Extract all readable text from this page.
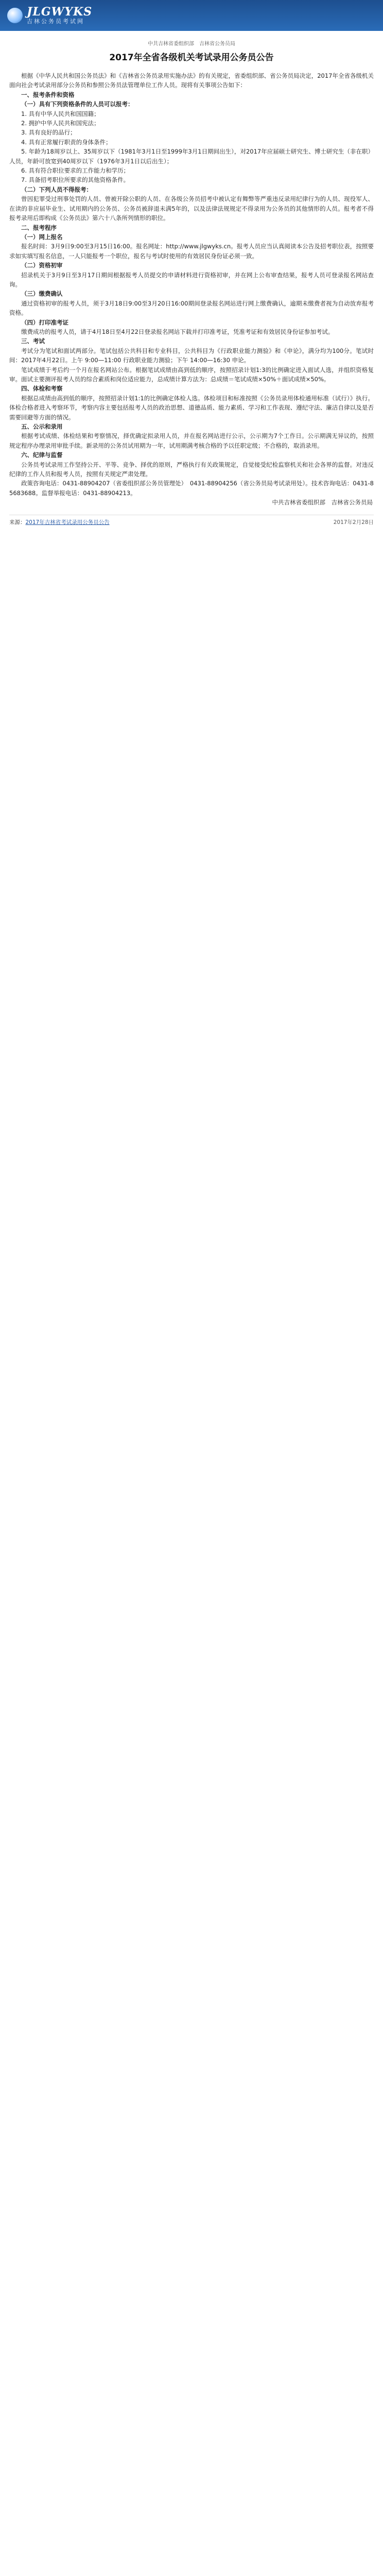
JLGWYKS
吉林公务员考试网
中共吉林省委组织部　吉林省公务员局
2017年全省各级机关考试录用公务员公告

根据《中华人民共和国公务员法》和《吉林省公务员录用实施办法》的有关规定，省委组织部、省公务员局决定，2017年全省各级机关面向社会考试录用部分公务员和参照公务员法管理单位工作人员。现将有关事项公告如下：

一、报考条件和资格

（一）具有下列资格条件的人员可以报考：

1. 具有中华人民共和国国籍；

2. 拥护中华人民共和国宪法；

3. 具有良好的品行；

4. 具有正常履行职责的身体条件；

5. 年龄为18周岁以上、35周岁以下（1981年3月1日至1999年3月1日期间出生），对2017年应届硕士研究生、博士研究生（非在职）人员，年龄可放宽到40周岁以下（1976年3月1日以后出生）；

6. 具有符合职位要求的工作能力和学历；

7. 具备招考职位所要求的其他资格条件。

（二）下列人员不得报考：

曾因犯罪受过刑事处罚的人员、曾被开除公职的人员、在各级公务员招考中被认定有舞弊等严重违反录用纪律行为的人员、现役军人、在读的非应届毕业生、试用期内的公务员、公务员被辞退未满5年的，以及法律法规规定不得录用为公务员的其他情形的人员。报考者不得报考录用后即构成《公务员法》第六十八条所列情形的职位。

二、报考程序

（一）网上报名

报名时间：3月9日9:00至3月15日16:00。报名网址：http://www.jlgwyks.cn。报考人员应当认真阅读本公告及招考职位表，按照要求如实填写报名信息，一人只能报考一个职位，报名与考试时使用的有效居民身份证必须一致。

（二）资格初审

招录机关于3月9日至3月17日期间根据报考人员提交的申请材料进行资格初审，并在网上公布审查结果，报考人员可登录报名网站查询。

（三）缴费确认

通过资格初审的报考人员，须于3月18日9:00至3月20日16:00期间登录报名网站进行网上缴费确认，逾期未缴费者视为自动放弃报考资格。

（四）打印准考证

缴费成功的报考人员，请于4月18日至4月22日登录报名网站下载并打印准考证，凭准考证和有效居民身份证参加考试。

三、考试

考试分为笔试和面试两部分。笔试包括公共科目和专业科目，公共科目为《行政职业能力测验》和《申论》，满分均为100分。笔试时间：2017年4月22日。上午 9:00—11:00 行政职业能力测验；下午 14:00—16:30 申论。

笔试成绩于考后约一个月在报名网站公布。根据笔试成绩由高到低的顺序，按照招录计划1:3的比例确定进入面试人选，并组织资格复审。面试主要测评报考人员的综合素质和岗位适应能力，总成绩计算方法为：总成绩＝笔试成绩×50%＋面试成绩×50%。

四、体检和考察

根据总成绩由高到低的顺序，按照招录计划1:1的比例确定体检人选。体检项目和标准按照《公务员录用体检通用标准（试行）》执行。体检合格者进入考察环节，考察内容主要包括报考人员的政治思想、道德品质、能力素质、学习和工作表现、遵纪守法、廉洁自律以及是否需要回避等方面的情况。

五、公示和录用

根据考试成绩、体检结果和考察情况，择优确定拟录用人员，并在报名网站进行公示，公示期为7个工作日。公示期满无异议的，按照规定程序办理录用审批手续。新录用的公务员试用期为一年，试用期满考核合格的予以任职定级；不合格的，取消录用。

六、纪律与监督

公务员考试录用工作坚持公开、平等、竞争、择优的原则，严格执行有关政策规定，自觉接受纪检监察机关和社会各界的监督。对违反纪律的工作人员和报考人员，按照有关规定严肃处理。

政策咨询电话：0431-88904207（省委组织部公务员管理处）　0431-88904256（省公务员局考试录用处）。技术咨询电话：0431-85683688。监督举报电话：0431-88904213。

中共吉林省委组织部　吉林省公务员局

来源：2017年吉林省考试录用公务员公告	2017年2月28日
